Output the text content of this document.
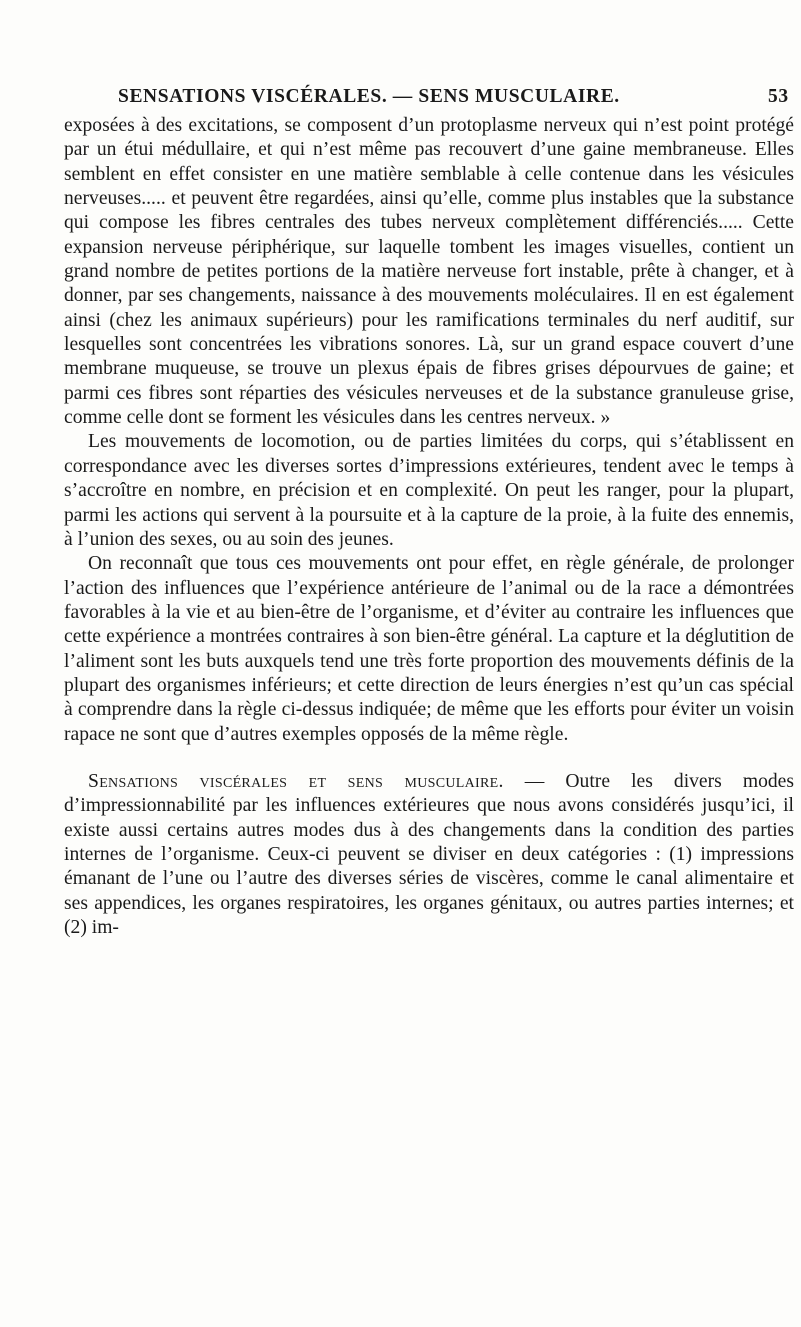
SENSATIONS VISCÉRALES. — SENS MUSCULAIRE.	53

exposées à des excitations, se composent d’un protoplasme nerveux qui n’est point protégé par un étui médullaire, et qui n’est même pas recouvert d’une gaine membraneuse. Elles semblent en effet consister en une matière semblable à celle contenue dans les vésicules nerveuses..... et peuvent être regardées, ainsi qu’elle, comme plus instables que la substance qui compose les fibres centrales des tubes nerveux complètement différenciés..... Cette expansion nerveuse périphérique, sur laquelle tombent les images visuelles, contient un grand nombre de petites portions de la matière nerveuse fort instable, prête à changer, et à donner, par ses changements, naissance à des mouvements moléculaires. Il en est également ainsi (chez les animaux supérieurs) pour les ramifications terminales du nerf auditif, sur lesquelles sont concentrées les vibrations sonores. Là, sur un grand espace couvert d’une membrane muqueuse, se trouve un plexus épais de fibres grises dépourvues de gaine; et parmi ces fibres sont réparties des vésicules nerveuses et de la substance granuleuse grise, comme celle dont se forment les vésicules dans les centres nerveux. »

Les mouvements de locomotion, ou de parties limitées du corps, qui s’établissent en correspondance avec les diverses sortes d’impressions extérieures, tendent avec le temps à s’accroître en nombre, en précision et en complexité. On peut les ranger, pour la plupart, parmi les actions qui servent à la poursuite et à la capture de la proie, à la fuite des ennemis, à l’union des sexes, ou au soin des jeunes.

On reconnaît que tous ces mouvements ont pour effet, en règle générale, de prolonger l’action des influences que l’expérience antérieure de l’animal ou de la race a démontrées favorables à la vie et au bien-être de l’organisme, et d’éviter au contraire les influences que cette expérience a montrées contraires à son bien-être général. La capture et la déglutition de l’aliment sont les buts auxquels tend une très forte proportion des mouvements définis de la plupart des organismes inférieurs; et cette direction de leurs énergies n’est qu’un cas spécial à comprendre dans la règle ci-dessus indiquée; de même que les efforts pour éviter un voisin rapace ne sont que d’autres exemples opposés de la même règle.

Sensations viscérales et sens musculaire. — Outre les divers modes d’impressionnabilité par les influences extérieures que nous avons considérés jusqu’ici, il existe aussi certains autres modes dus à des changements dans la condition des parties internes de l’organisme. Ceux-ci peuvent se diviser en deux catégories : (1) impressions émanant de l’une ou l’autre des diverses séries de viscères, comme le canal alimentaire et ses appendices, les organes respiratoires, les organes génitaux, ou autres parties internes; et (2) im-
